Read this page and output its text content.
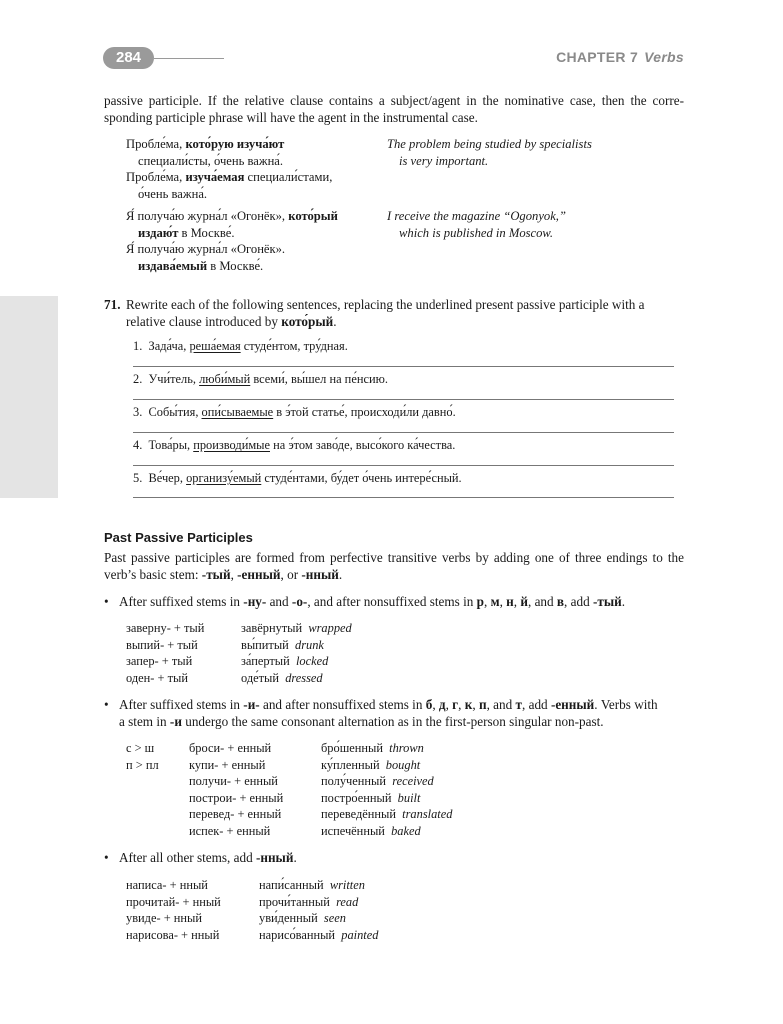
284	CHAPTER 7 Verbs
passive participle. If the relative clause contains a subject/agent in the nominative case, then the corre-
sponding participle phrase will have the agent in the instrumental case.
Пробле́ма, кото́рую изуча́ют
специали́сты, о́чень важна́.
Пробле́ма, изуча́емая специали́стами,
о́чень важна́.
The problem being studied by specialists
is very important.
Я́ получа́ю журна́л «Огонёк», кото́рый
издаю́т в Москве́.
Я́ получа́ю журна́л «Огонёк».
издава́емый в Москве́.
I receive the magazine “Ogonyok,”
which is published in Moscow.
71. Rewrite each of the following sentences, replacing the underlined present passive participle with a
relative clause introduced by кото́рый.
1. Зада́ча, реша́емая студе́нтом, тру́дная.
2. Учи́тель, люби́мый всеми́, вы́шел на пе́нсию.
3. Собы́тия, опи́сываемые в э́той статье́, происходи́ли давно́.
4. Това́ры, производи́мые на э́том заво́де, высо́кого ка́чества.
5. Ве́чер, организу́емый студе́нтами, бу́дет о́чень интере́сный.
Past Passive Participles
Past passive participles are formed from perfective transitive verbs by adding one of three endings to the
verb’s basic stem: -тый, -енный, or -нный.
• After suffixed stems in -ну- and -о-, and after nonsuffixed stems in р, м, н, й, and в, add -тый.
заверну- + тый
выпий- + тый
запер- + тый
оден- + тый
завёрнутый wrapped
вы́питый drunk
за́пертый locked
оде́тый dressed
• After suffixed stems in -и- and after nonsuffixed stems in б, д, г, к, п, and т, add -енный. Verbs with
a stem in -и undergo the same consonant alternation as in the first-person singular non-past.
с > ш
п > пл
броси- + енный
купи- + енный
получи- + енный
построи- + енный
перевед- + енный
испек- + енный
бро́шенный thrown
ку́пленный bought
полу́ченный received
постро́енный built
переведённый translated
испечённый baked
• After all other stems, add -нный.
написа- + нный
прочитай- + нный
увиде- + нный
нарисова- + нный
напи́санный written
прочи́танный read
уви́денный seen
нарисо́ванный painted
